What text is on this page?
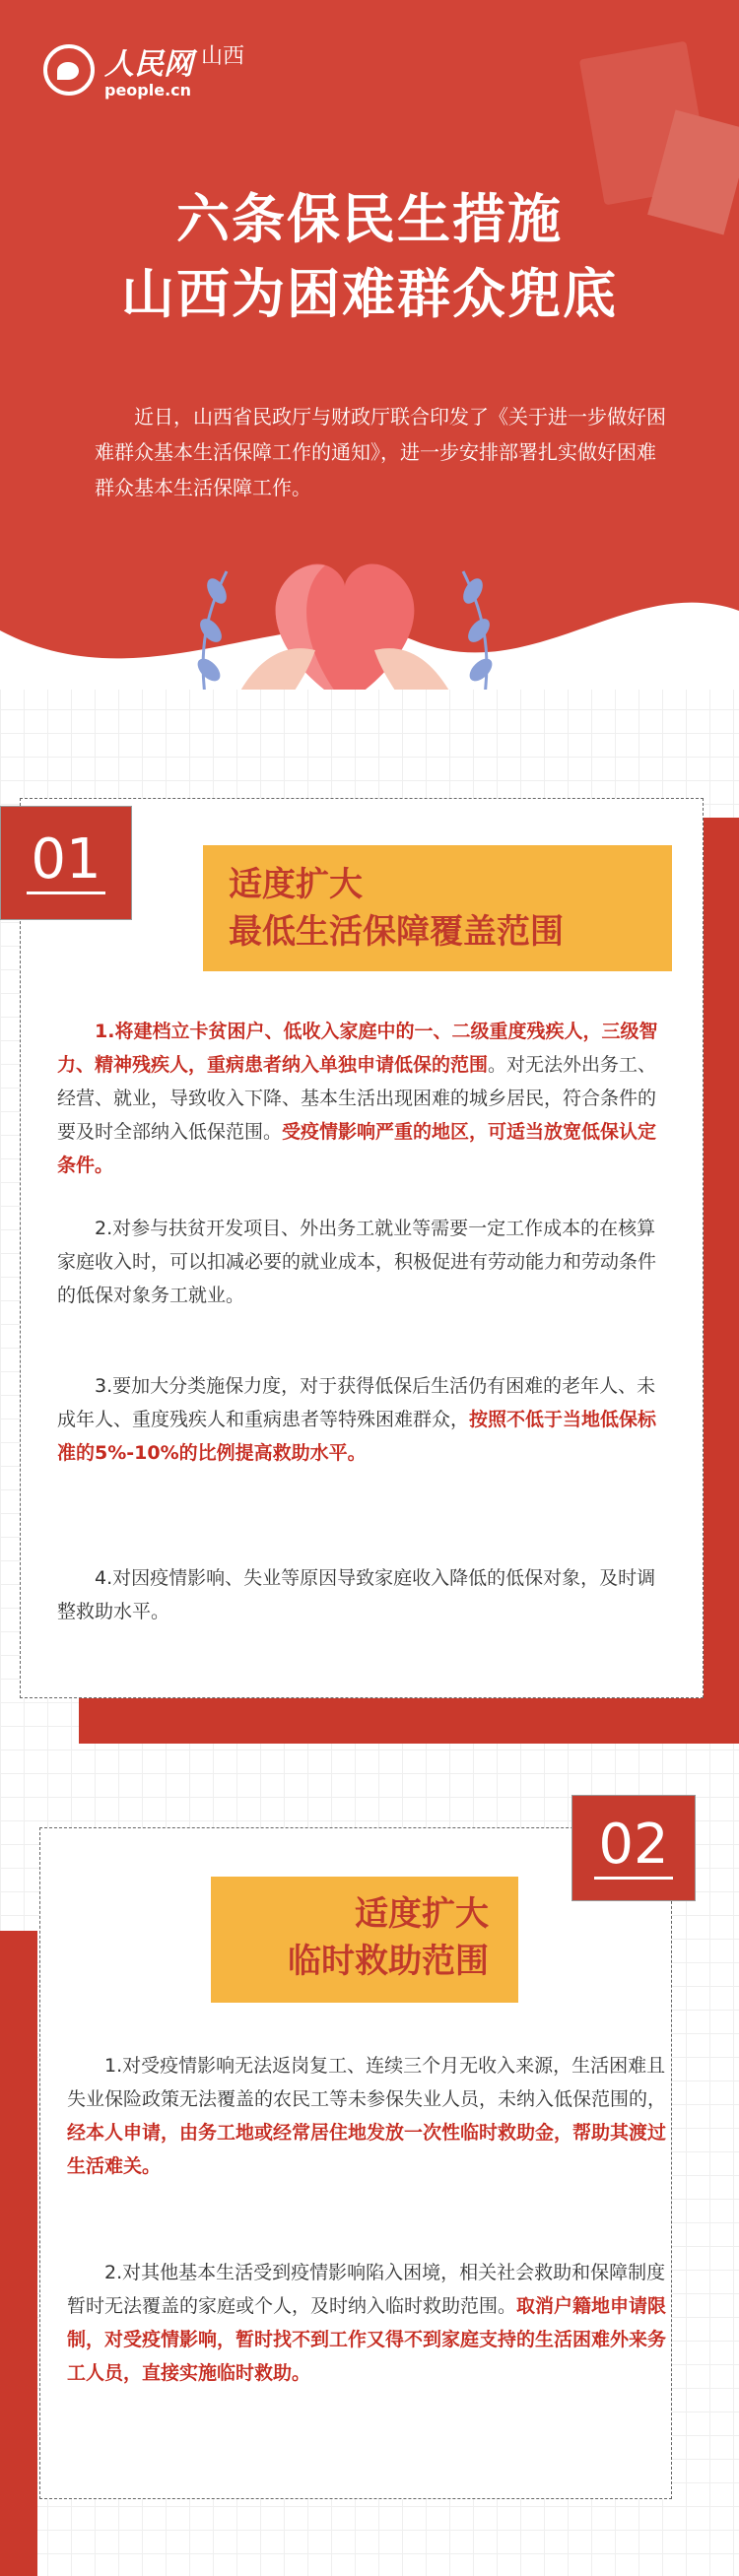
人民网 山西
people.cn
六条保民生措施
山西为困难群众兜底
近日，山西省民政厅与财政厅联合印发了《关于进一步做好困难群众基本生活保障工作的通知》，进一步安排部署扎实做好困难群众基本生活保障工作。
01	适度扩大
最低生活保障覆盖范围
1.将建档立卡贫困户、低收入家庭中的一、二级重度残疾人，三级智力、精神残疾人，重病患者纳入单独申请低保的范围。对无法外出务工、经营、就业，导致收入下降、基本生活出现困难的城乡居民，符合条件的要及时全部纳入低保范围。受疫情影响严重的地区，可适当放宽低保认定条件。
2.对参与扶贫开发项目、外出务工就业等需要一定工作成本的在核算家庭收入时，可以扣减必要的就业成本，积极促进有劳动能力和劳动条件的低保对象务工就业。
3.要加大分类施保力度，对于获得低保后生活仍有困难的老年人、未成年人、重度残疾人和重病患者等特殊困难群众，按照不低于当地低保标准的5%-10%的比例提高救助水平。
4.对因疫情影响、失业等原因导致家庭收入降低的低保对象，及时调整救助水平。
02
适度扩大
临时救助范围
1.对受疫情影响无法返岗复工、连续三个月无收入来源，生活困难且失业保险政策无法覆盖的农民工等未参保失业人员，未纳入低保范围的，经本人申请，由务工地或经常居住地发放一次性临时救助金，帮助其渡过生活难关。
2.对其他基本生活受到疫情影响陷入困境，相关社会救助和保障制度暂时无法覆盖的家庭或个人，及时纳入临时救助范围。取消户籍地申请限制，对受疫情影响，暂时找不到工作又得不到家庭支持的生活困难外来务工人员，直接实施临时救助。
